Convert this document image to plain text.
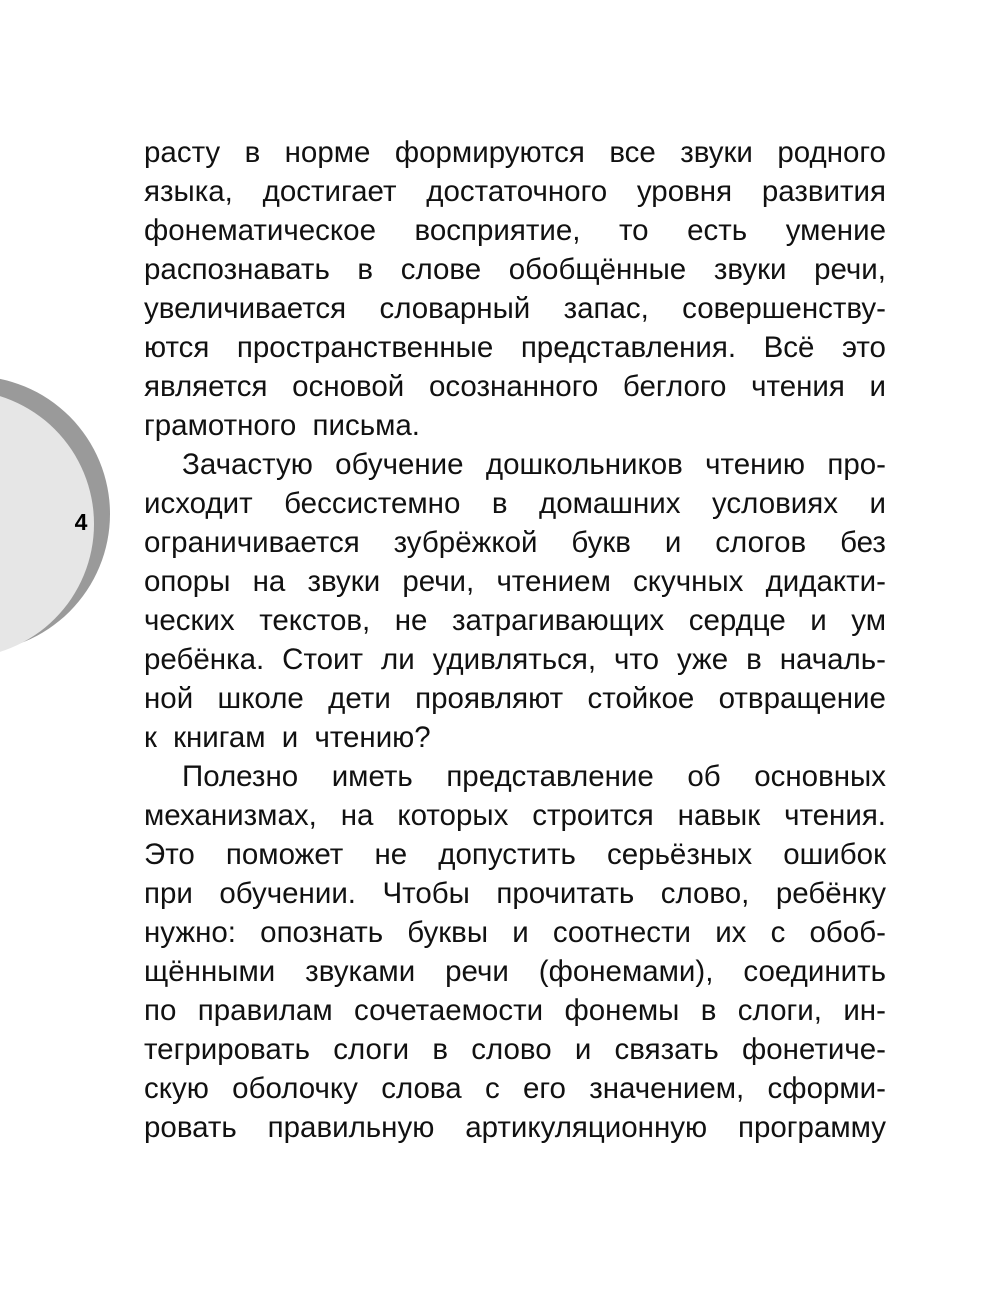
4
расту в норме формируются все звуки родного
языка, достигает достаточного уровня развития
фонематическое восприятие, то есть умение
распознавать в слове обобщённые звуки речи,
увеличивается словарный запас, совершенству-
ются пространственные представления. Всё это
является основой осознанного беглого чтения и
грамотного письма.
Зачастую обучение дошкольников чтению про-
исходит бессистемно в домашних условиях и
ограничивается зубрёжкой букв и слогов без
опоры на звуки речи, чтением скучных дидакти-
ческих текстов, не затрагивающих сердце и ум
ребёнка. Стоит ли удивляться, что уже в началь-
ной школе дети проявляют стойкое отвращение
к книгам и чтению?
Полезно иметь представление об основных
механизмах, на которых строится навык чтения.
Это поможет не допустить серьёзных ошибок
при обучении. Чтобы прочитать слово, ребёнку
нужно: опознать буквы и соотнести их с обоб-
щёнными звуками речи (фонемами), соединить
по правилам сочетаемости фонемы в слоги, ин-
тегрировать слоги в слово и связать фонетиче-
скую оболочку слова с его значением, сформи-
ровать правильную артикуляционную программу
